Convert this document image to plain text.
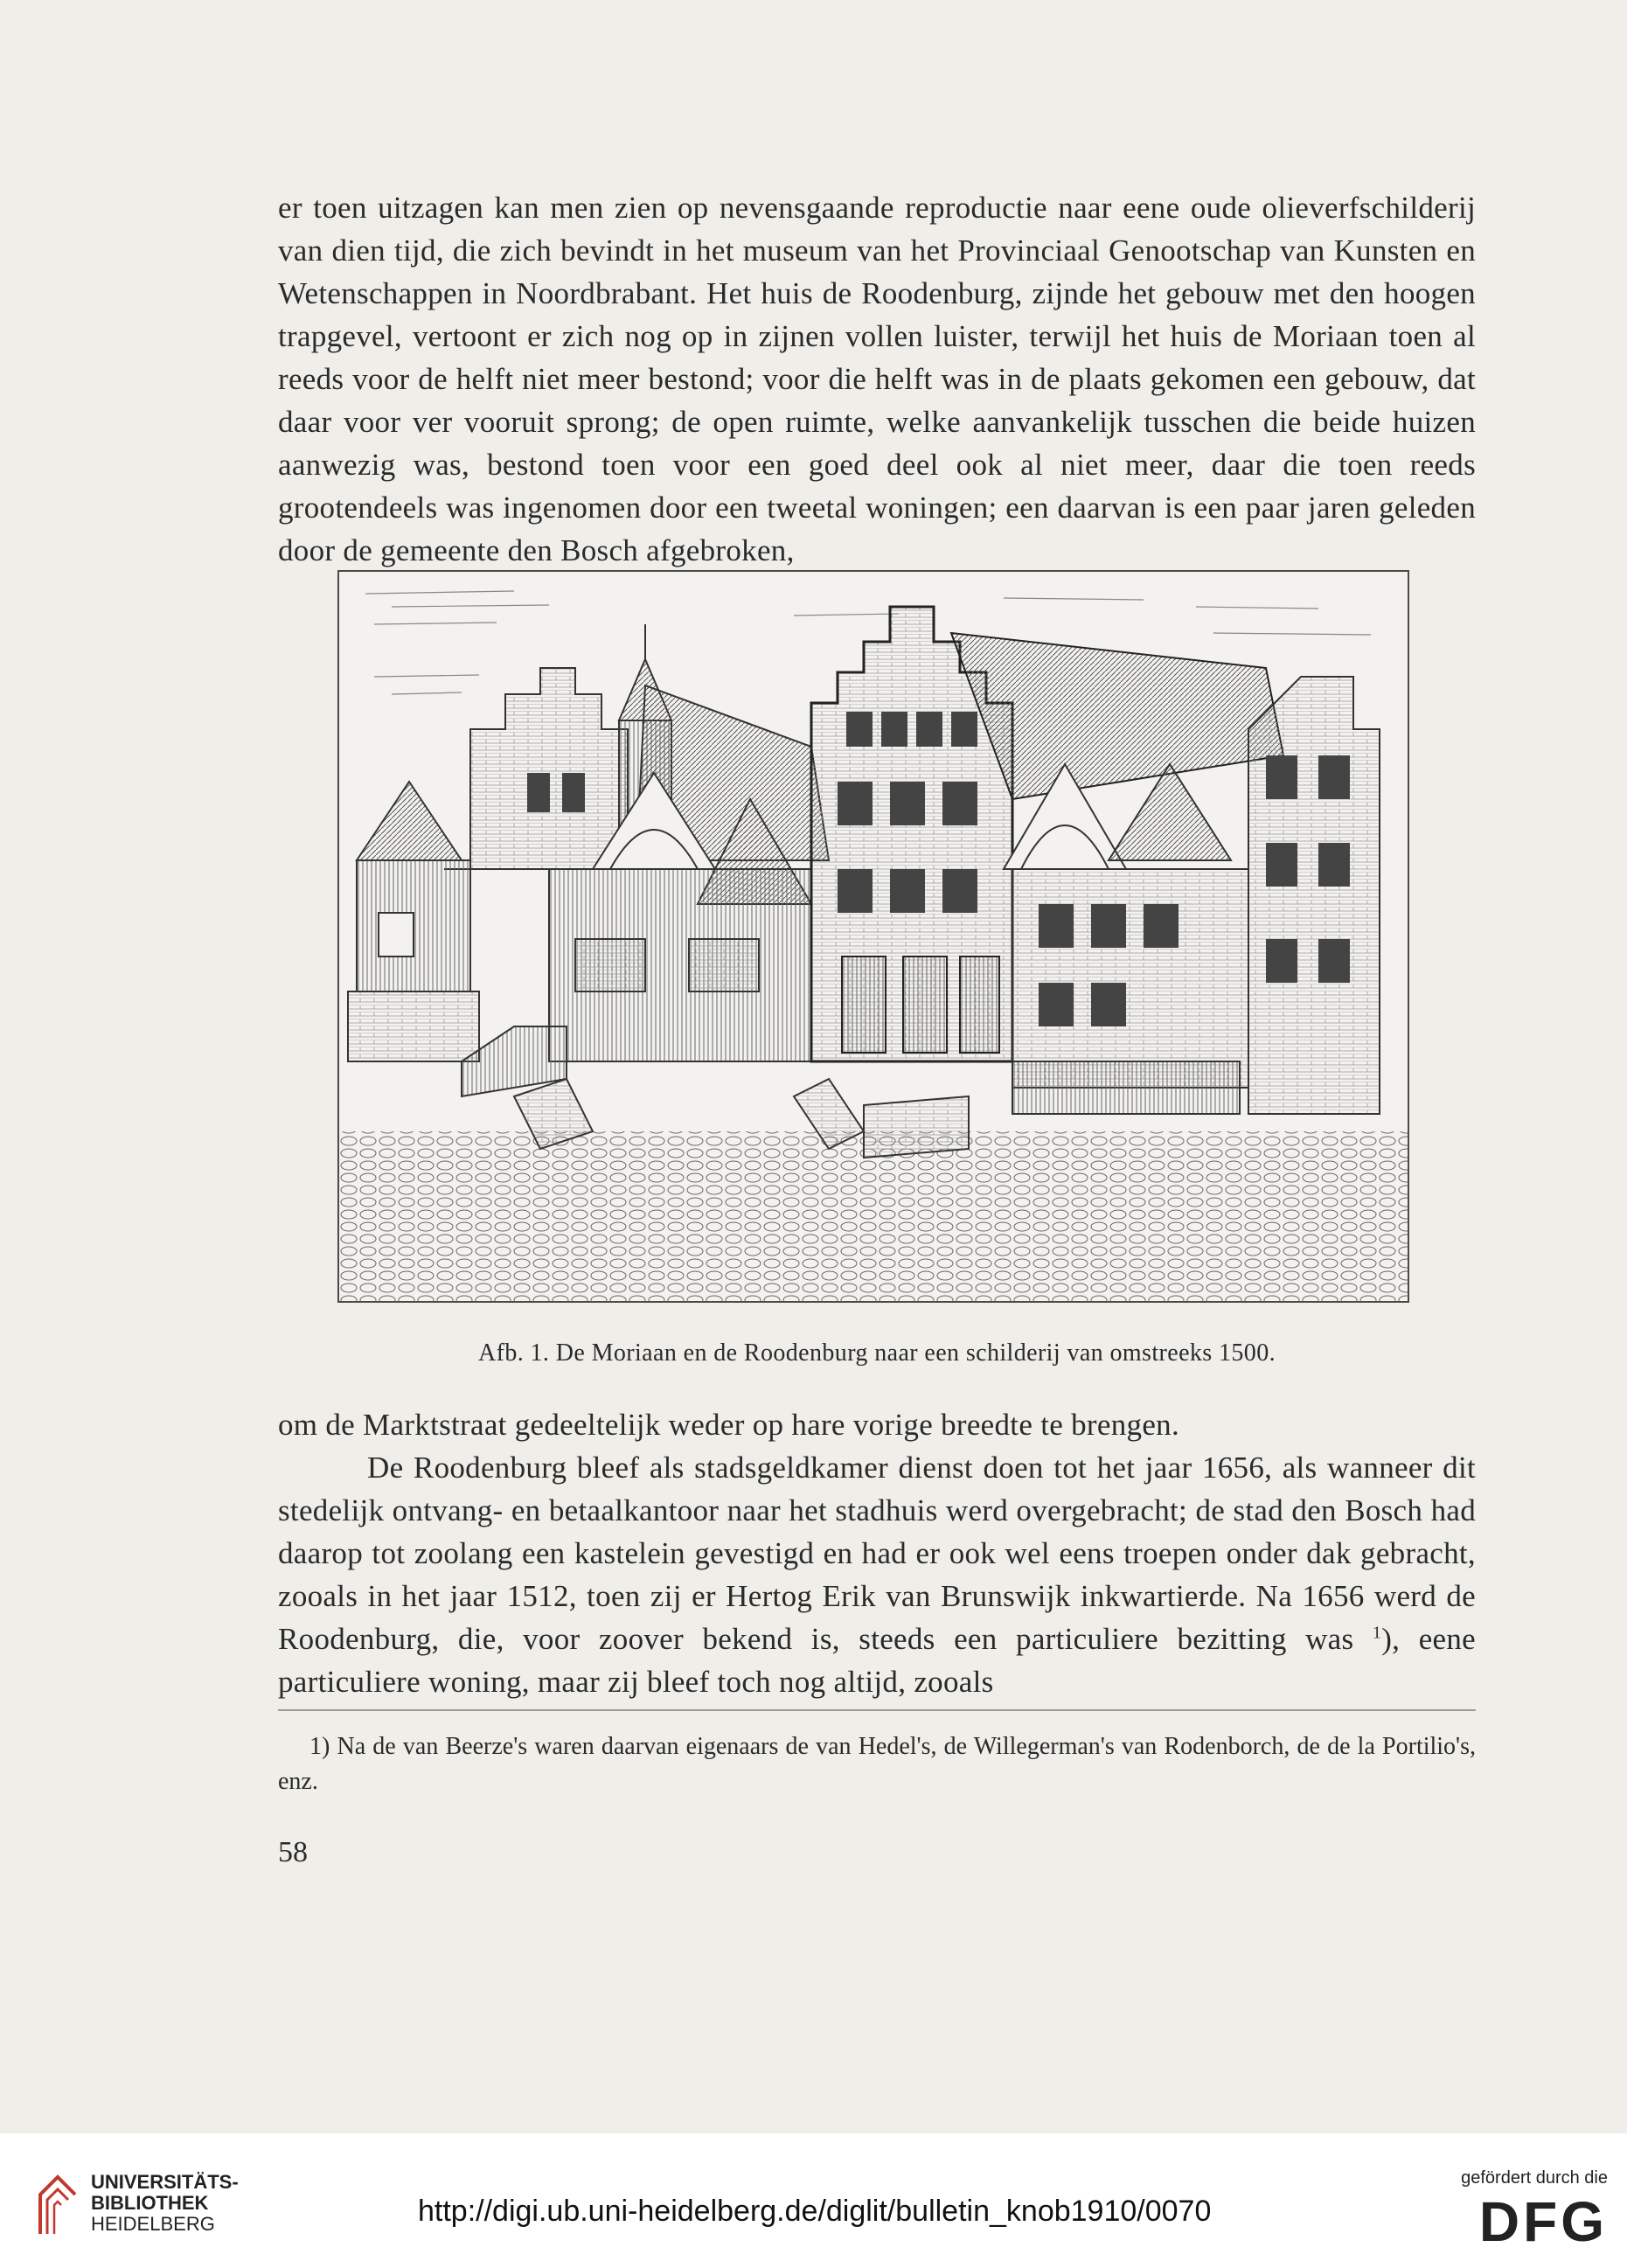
er toen uitzagen kan men zien op nevensgaande reproductie naar eene oude olieverfschilderij van dien tijd, die zich bevindt in het museum van het Provinciaal Genootschap van Kunsten en Wetenschappen in Noordbrabant. Het huis de Roodenburg, zijnde het gebouw met den hoogen trapgevel, vertoont er zich nog op in zijnen vollen luister, terwijl het huis de Moriaan toen al reeds voor de helft niet meer bestond; voor die helft was in de plaats gekomen een gebouw, dat daar voor ver vooruit sprong; de open ruimte, welke aanvankelijk tusschen die beide huizen aanwezig was, bestond toen voor een goed deel ook al niet meer, daar die toen reeds grootendeels was ingenomen door een tweetal woningen; een daarvan is een paar jaren geleden door de gemeente den Bosch afgebroken,

Afb. 1. De Moriaan en de Roodenburg naar een schilderij van omstreeks 1500.

om de Marktstraat gedeeltelijk weder op hare vorige breedte te brengen.

De Roodenburg bleef als stadsgeldkamer dienst doen tot het jaar 1656, als wanneer dit stedelijk ontvang- en betaalkantoor naar het stadhuis werd overgebracht; de stad den Bosch had daarop tot zoolang een kastelein gevestigd en had er ook wel eens troepen onder dak gebracht, zooals in het jaar 1512, toen zij er Hertog Erik van Brunswijk inkwartierde. Na 1656 werd de Roodenburg, die, voor zoover bekend is, steeds een particuliere bezitting was $^1$), eene particuliere woning, maar zij bleef toch nog altijd, zooals

1) Na de van Beerze's waren daarvan eigenaars de van Hedel's, de Willegerman's van Rodenborch, de de la Portilio's, enz.
58
UNIVERSITÄTS-
BIBLIOTHEK
HEIDELBERG	http://digi.ub.uni-heidelberg.de/diglit/bulletin_knob1910/0070
gefördert durch die
DFG
